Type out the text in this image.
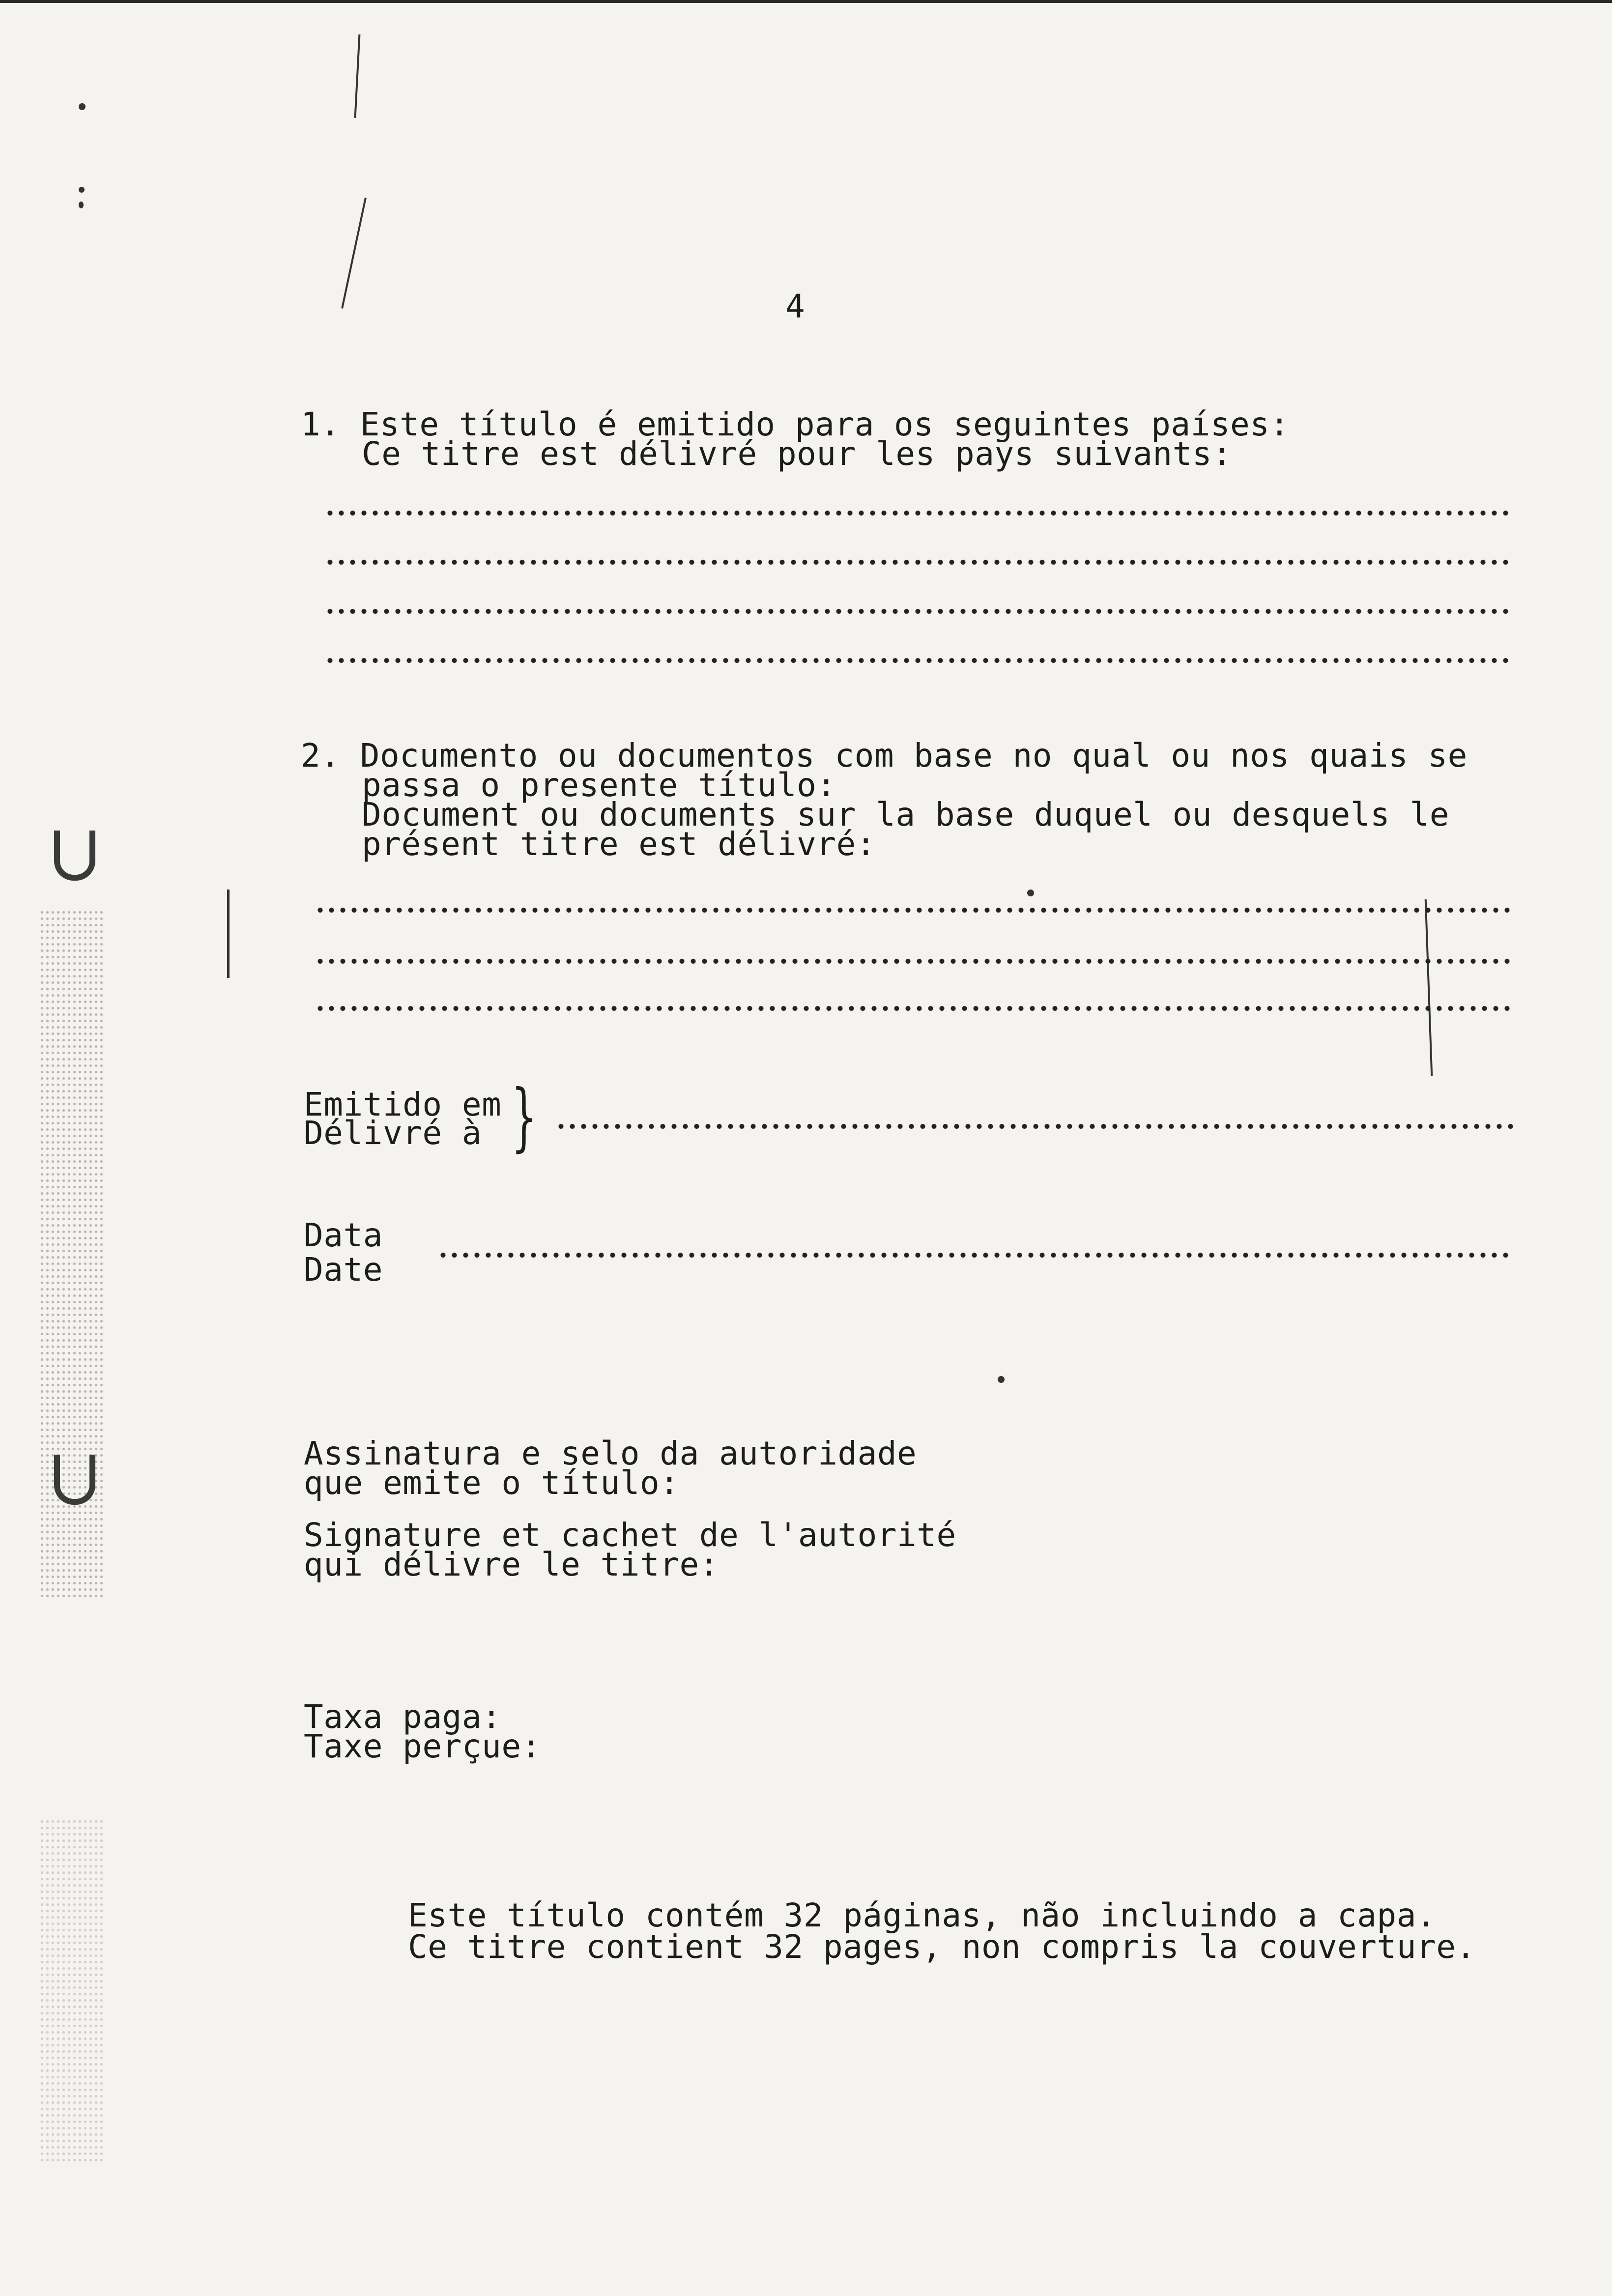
4
1. Este título é emitido para os seguintes países:
Ce titre est délivré pour les pays suivants:
2. Documento ou documentos com base no qual ou nos quais se
passa o presente título:
Document ou documents sur la base duquel ou desquels le
présent titre est délivré:
Emitido em
Délivré à }
Data
Date
Assinatura e selo da autoridade
que emite o título:
Signature et cachet de l'autorité
qui délivre le titre:
Taxa paga:
Taxe perçue:
Este título contém 32 páginas, não incluindo a capa.
Ce titre contient 32 pages, non compris la couverture.
